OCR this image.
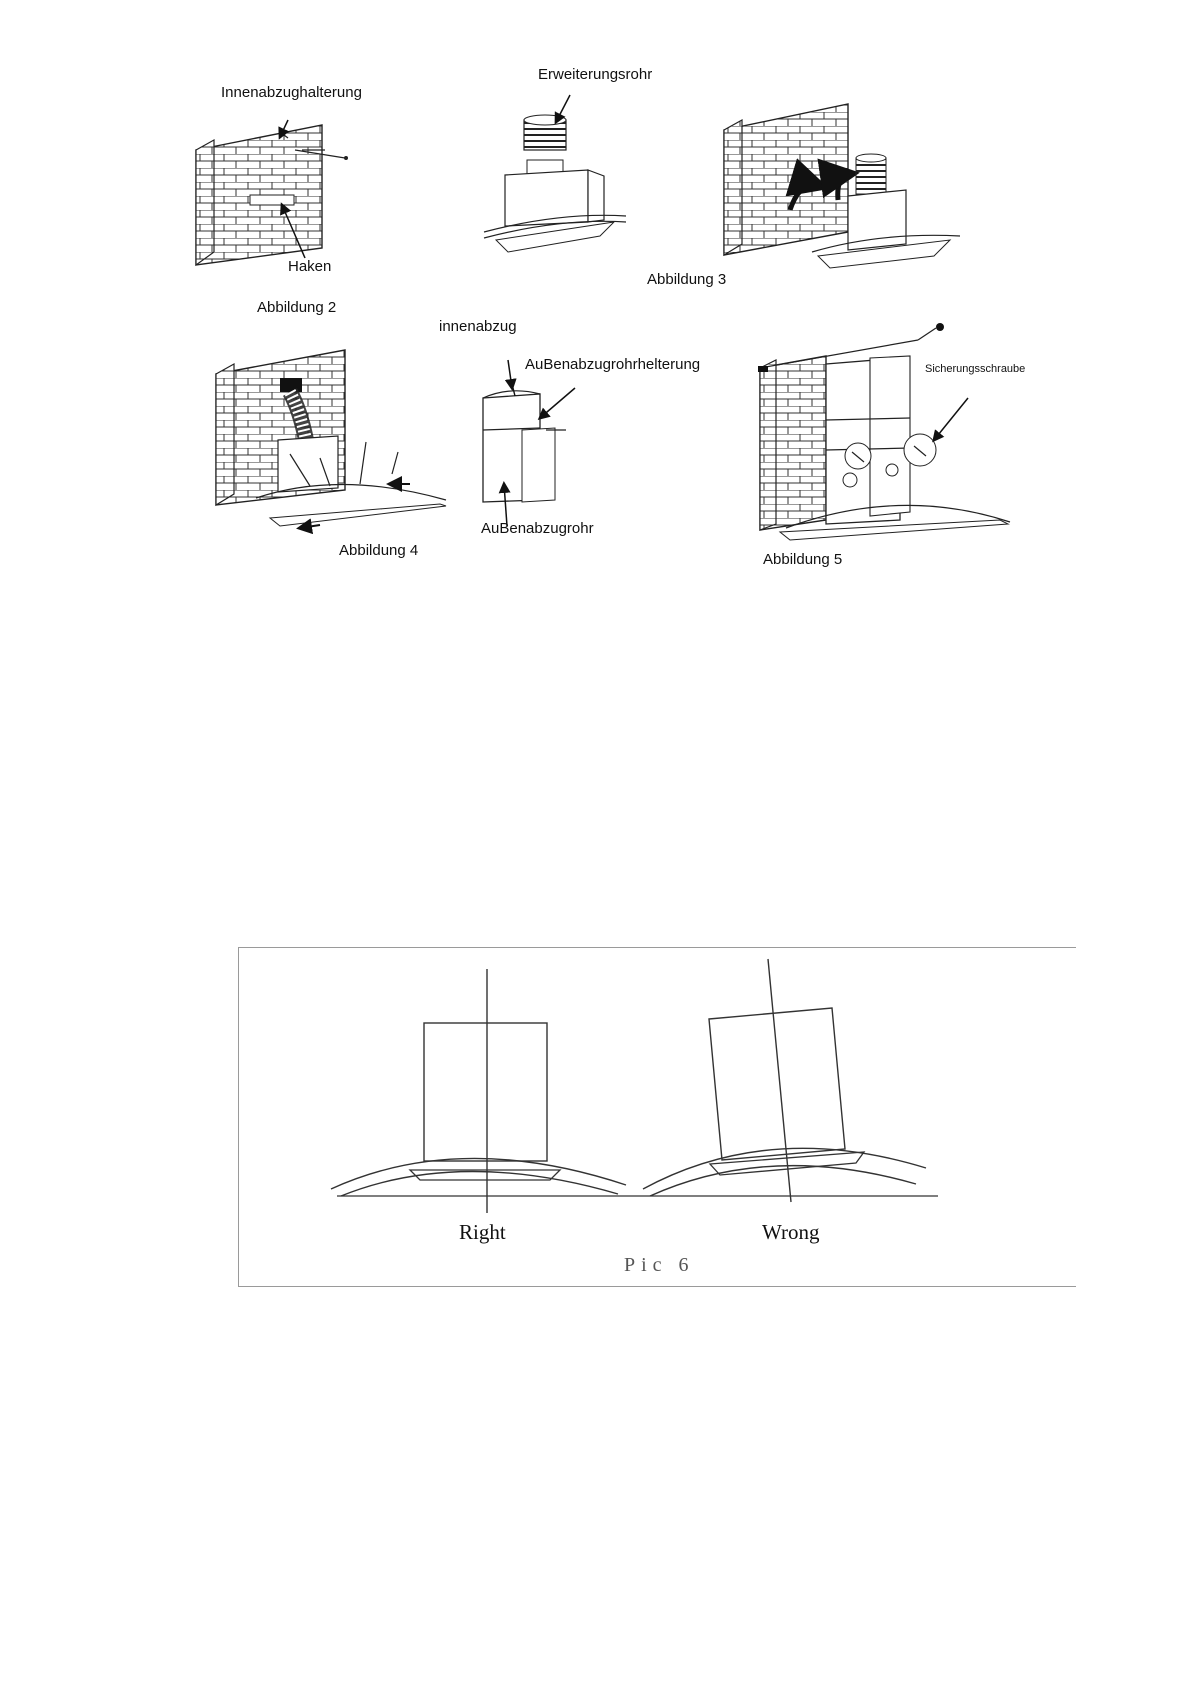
Innenabzughalterung
Haken
Abbildung 2
Erweiterungsrohr
Abbildung 3
innenabzug
AuBenabzugrohrhelterung
AuBenabzugrohr
Abbildung 4
Sicherungsschraube
Abbildung 5
Right	Wrong
Pic 6
